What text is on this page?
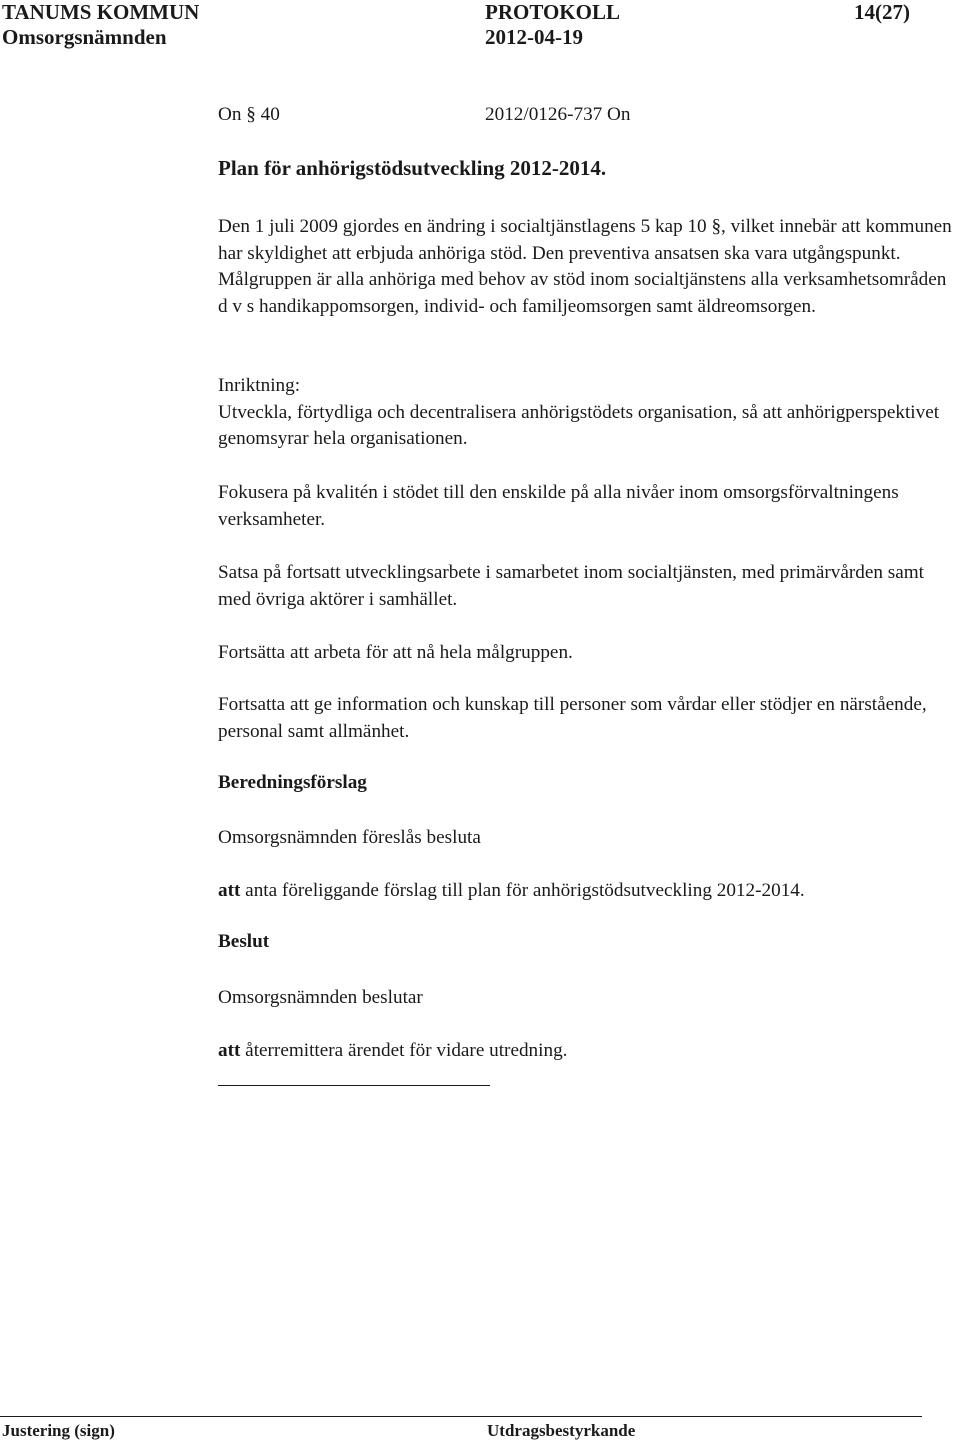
TANUMS KOMMUN	PROTOKOLL	14(27)
Omsorgsnämnden	2012-04-19
On § 40	2012/0126-737 On
Plan för anhörigstödsutveckling 2012-2014.

Den 1 juli 2009 gjordes en ändring i socialtjänstlagens 5 kap 10 §, vilket innebär att kommunen har skyldighet att erbjuda anhöriga stöd. Den preventiva ansatsen ska vara utgångspunkt. Målgruppen är alla anhöriga med behov av stöd inom socialtjänstens alla verksamhetsområden d v s handikappomsorgen, individ- och familjeomsorgen samt äldreomsorgen.

Inriktning:

Utveckla, förtydliga och decentralisera anhörigstödets organisation, så att anhörigperspektivet genomsyrar hela organisationen.

Fokusera på kvalitén i stödet till den enskilde på alla nivåer inom omsorgsförvaltningens verksamheter.

Satsa på fortsatt utvecklingsarbete i samarbetet inom socialtjänsten, med primärvården samt med övriga aktörer i samhället.

Fortsätta att arbeta för att nå hela målgruppen.

Fortsatta att ge information och kunskap till personer som vårdar eller stödjer en närstående, personal samt allmänhet.

Beredningsförslag

Omsorgsnämnden föreslås besluta

att anta föreliggande förslag till plan för anhörigstödsutveckling 2012-2014.

Beslut

Omsorgsnämnden beslutar

att återremittera ärendet för vidare utredning.

Justering (sign)	Utdragsbestyrkande
